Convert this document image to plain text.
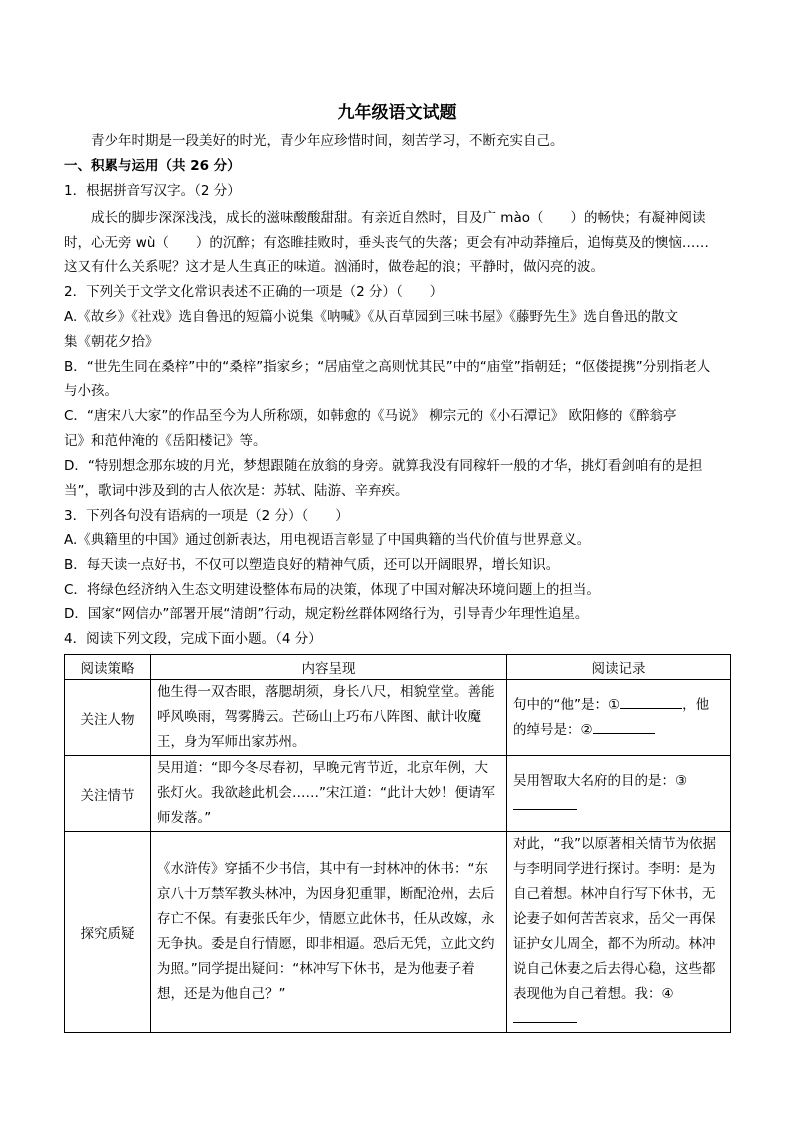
九年级语文试题
青少年时期是一段美好的时光，青少年应珍惜时间，刻苦学习，不断充实自己。
一、积累与运用（共 26 分）
1．根据拼音写汉字。（2 分）
成长的脚步深深浅浅，成长的滋味酸酸甜甜。有亲近自然时，目及广 mào（　　）的畅快；有凝神阅读
时，心无旁 wù（　　）的沉醉；有恣睢挂败时，垂头丧气的失落；更会有冲动莽撞后，追悔莫及的懊恼……
这又有什么关系呢？这才是人生真正的味道。汹涌时，做卷起的浪；平静时，做闪亮的波。
2．下列关于文学文化常识表述不正确的一项是（2 分）（　　）
A.《故乡》《社戏》选自鲁迅的短篇小说集《呐喊》《从百草园到三味书屋》《藤野先生》选自鲁迅的散文
集《朝花夕拾》
B．“世先生同在桑梓”中的“桑梓”指家乡；“居庙堂之高则忧其民”中的“庙堂”指朝廷；“伛偻提携”分别指老人
与小孩。
C．“唐宋八大家”的作品至今为人所称颂，如韩愈的《马说》 柳宗元的《小石潭记》 欧阳修的《醉翁亭
记》和范仲淹的《岳阳楼记》等。
D．“特别想念那东坡的月光，梦想跟随在放翁的身旁。就算我没有同稼轩一般的才华，挑灯看剑咱有的是担
当”，歌词中涉及到的古人依次是：苏轼、陆游、辛弃疾。
3．下列各句没有语病的一项是（2 分）（　　）
A.《典籍里的中国》通过创新表达，用电视语言彰显了中国典籍的当代价值与世界意义。
B．每天读一点好书，不仅可以塑造良好的精神气质，还可以开阔眼界，增长知识。
C．将绿色经济纳入生态文明建设整体布局的决策，体现了中国对解决环境问题上的担当。
D．国家“网信办”部署开展“清朗”行动，规定粉丝群体网络行为，引导青少年理性追星。
4．阅读下列文段，完成下面小题。（4 分）
阅读策略	内容呈现	阅读记录
关注人物	他生得一双杏眼，落腮胡须，身长八尺，相貌堂堂。善能呼风唤雨，驾雾腾云。芒砀山上巧布八阵图、献计收魔王，身为军师出家苏州。	句中的“他”是：① ，他
的绰号是：②
关注情节	吴用道：“即今冬尽春初，早晚元宵节近，北京年例，大张灯火。我欲趁此机会……”宋江道：“此计大妙！便请军师发落。”	吴用智取大名府的目的是：③

探究质疑	《水浒传》穿插不少书信，其中有一封林冲的休书：“东京八十万禁军教头林冲，为因身犯重罪，断配沧州，去后存亡不保。有妻张氏年少，情愿立此休书，任从改嫁，永无争执。委是自行情愿，即非相逼。恐后无凭，立此文约为照。”同学提出疑问：“林冲写下休书，是为他妻子着想，还是为他自己？”	对此，“我”以原著相关情节为依据与李明同学进行探讨。李明：是为自己着想。林冲自行写下休书，无论妻子如何苦苦哀求，岳父一再保证护女儿周全，都不为所动。林冲说自己休妻之后去得心稳，这些都表现他为自己着想。我：④
